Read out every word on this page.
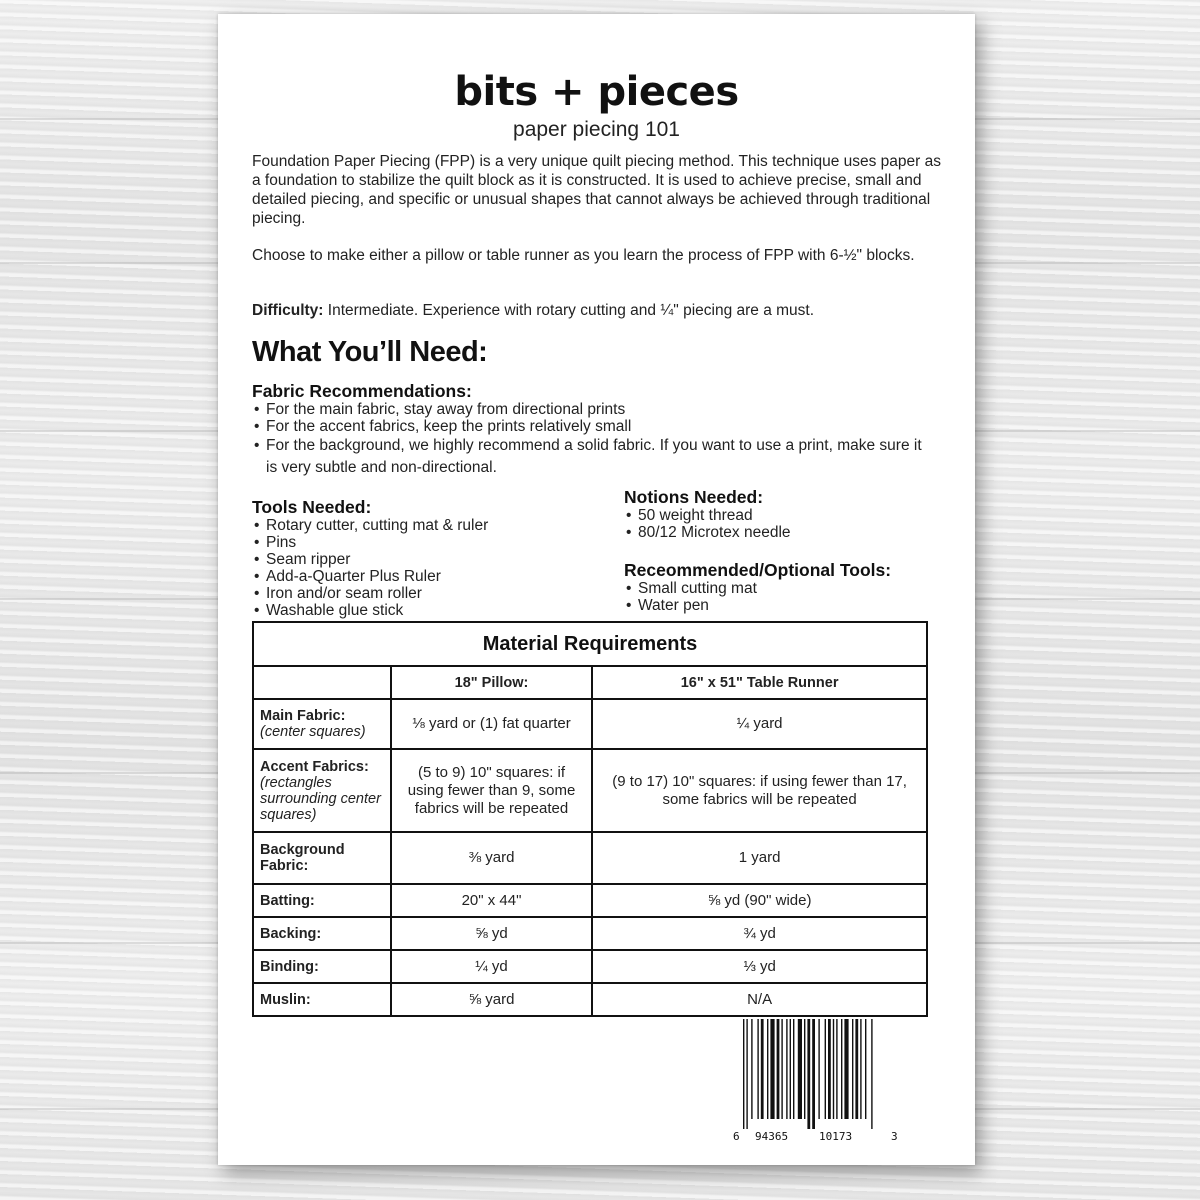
bits + pieces
paper piecing 101
Foundation Paper Piecing (FPP) is a very unique quilt piecing method. This technique uses paper as a foundation to stabilize the quilt block as it is constructed. It is used to achieve precise, small and detailed piecing, and specific or unusual shapes that cannot always be achieved through traditional piecing.
Choose to make either a pillow or table runner as you learn the process of FPP with 6-½" blocks.
Difficulty: Intermediate. Experience with rotary cutting and ¼" piecing are a must.
What You’ll Need:
Fabric Recommendations:
• For the main fabric, stay away from directional prints
• For the accent fabrics, keep the prints relatively small
• For the background, we highly recommend a solid fabric. If you want to use a print, make sure it is very subtle and non-directional.
Tools Needed:
• Rotary cutter, cutting mat & ruler
• Pins
• Seam ripper
• Add-a-Quarter Plus Ruler
• Iron and/or seam roller
• Washable glue stick
Notions Needed:
• 50 weight thread
• 80/12 Microtex needle
Receommended/Optional Tools:
• Small cutting mat
• Water pen
Material Requirements		
	18" Pillow:	16" x 51" Table Runner
Main Fabric:
(center squares)	⅛ yard or (1) fat quarter	¼ yard
Accent Fabrics:
(rectangles surrounding center squares)	(5 to 9) 10" squares: if using fewer than 9, some fabrics will be repeated	(9 to 17) 10" squares: if using fewer than 17, some fabrics will be repeated
Background Fabric:	⅜ yard	1 yard
Batting:	20" x 44"	⅝ yd (90" wide)
Backing:	⅝ yd	¾ yd
Binding:	¼ yd	⅓ yd
Muslin:	⅝ yard	N/A
6 94365	10173	3
